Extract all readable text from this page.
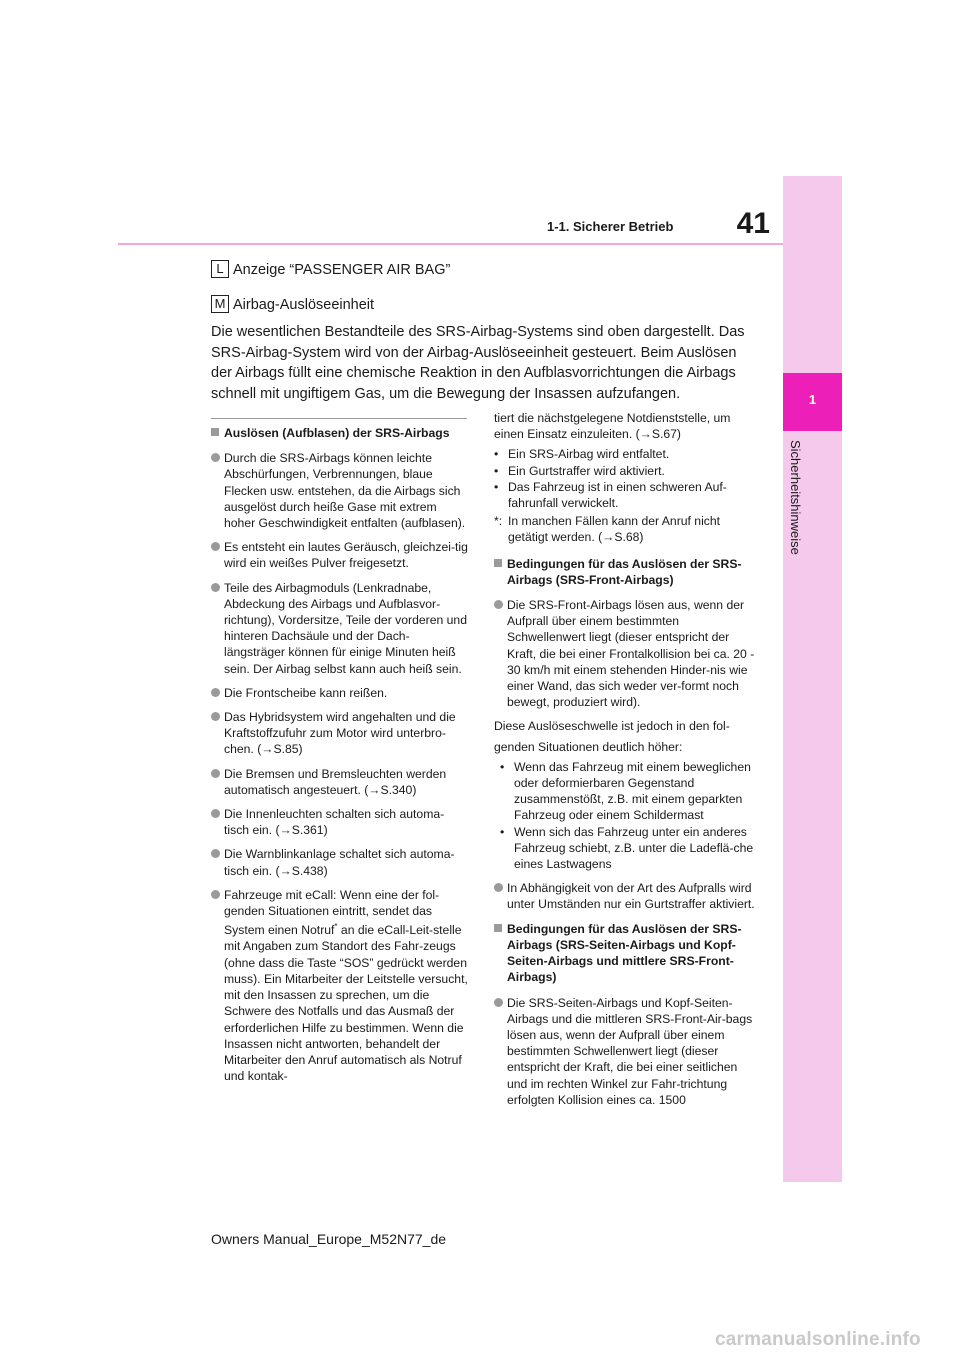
1-1. Sicherer Betrieb	41
1
Sicherheitshinweise
L Anzeige “PASSENGER AIR BAG”
M Airbag-Auslöseeinheit
Die wesentlichen Bestandteile des SRS-Airbag-Systems sind oben dargestellt. Das SRS-Airbag-System wird von der Airbag-Auslöseeinheit gesteuert. Beim Auslösen der Airbags füllt eine chemische Reaktion in den Aufblasvorrichtungen die Airbags schnell mit ungiftigem Gas, um die Bewegung der Insassen aufzufangen.
Auslösen (Aufblasen) der SRS-Airbags
Durch die SRS-Airbags können leichte Abschürfungen, Verbrennungen, blaue Flecken usw. entstehen, da die Airbags sich ausgelöst durch heiße Gase mit extrem hoher Geschwindigkeit entfalten (aufblasen).
Es entsteht ein lautes Geräusch, gleichzei-tig wird ein weißes Pulver freigesetzt.
Teile des Airbagmoduls (Lenkradnabe, Abdeckung des Airbags und Aufblasvor-richtung), Vordersitze, Teile der vorderen und hinteren Dachsäule und der Dach-längsträger können für einige Minuten heiß sein. Der Airbag selbst kann auch heiß sein.
Die Frontscheibe kann reißen.
Das Hybridsystem wird angehalten und die Kraftstoffzufuhr zum Motor wird unterbro-chen. (→S.85)
Die Bremsen und Bremsleuchten werden automatisch angesteuert. (→S.340)
Die Innenleuchten schalten sich automa-tisch ein. (→S.361)
Die Warnblinkanlage schaltet sich automa-tisch ein. (→S.438)
Fahrzeuge mit eCall: Wenn eine der fol-genden Situationen eintritt, sendet das System einen Notruf* an die eCall-Leit-stelle mit Angaben zum Standort des Fahr-zeugs (ohne dass die Taste “SOS” gedrückt werden muss). Ein Mitarbeiter der Leitstelle versucht, mit den Insassen zu sprechen, um die Schwere des Notfalls und das Ausmaß der erforderlichen Hilfe zu bestimmen. Wenn die Insassen nicht antworten, behandelt der Mitarbeiter den Anruf automatisch als Notruf und kontak-
tiert die nächstgelegene Notdienststelle, um einen Einsatz einzuleiten. (→S.67)
• Ein SRS-Airbag wird entfaltet.
• Ein Gurtstraffer wird aktiviert.
• Das Fahrzeug ist in einen schweren Auf-fahrunfall verwickelt.
*: In manchen Fällen kann der Anruf nicht getätigt werden. (→S.68)
Bedingungen für das Auslösen der SRS-Airbags (SRS-Front-Airbags)
Die SRS-Front-Airbags lösen aus, wenn der Aufprall über einem bestimmten Schwellenwert liegt (dieser entspricht der Kraft, die bei einer Frontalkollision bei ca. 20 - 30 km/h mit einem stehenden Hinder-nis wie einer Wand, das sich weder ver-formt noch bewegt, produziert wird).
Diese Auslöseschwelle ist jedoch in den fol-
genden Situationen deutlich höher:
• Wenn das Fahrzeug mit einem beweglichen oder deformierbaren Gegenstand zusammenstößt, z.B. mit einem geparkten Fahrzeug oder einem Schildermast
• Wenn sich das Fahrzeug unter ein anderes Fahrzeug schiebt, z.B. unter die Ladeflä-che eines Lastwagens
In Abhängigkeit von der Art des Aufpralls wird unter Umständen nur ein Gurtstraffer aktiviert.
Bedingungen für das Auslösen der SRS-Airbags (SRS-Seiten-Airbags und Kopf-Seiten-Airbags und mittlere SRS-Front-Airbags)
Die SRS-Seiten-Airbags und Kopf-Seiten-Airbags und die mittleren SRS-Front-Air-bags lösen aus, wenn der Aufprall über einem bestimmten Schwellenwert liegt (dieser entspricht der Kraft, die bei einer seitlichen und im rechten Winkel zur Fahr-trichtung erfolgten Kollision eines ca. 1500
Owners Manual_Europe_M52N77_de
carmanualsonline.info
